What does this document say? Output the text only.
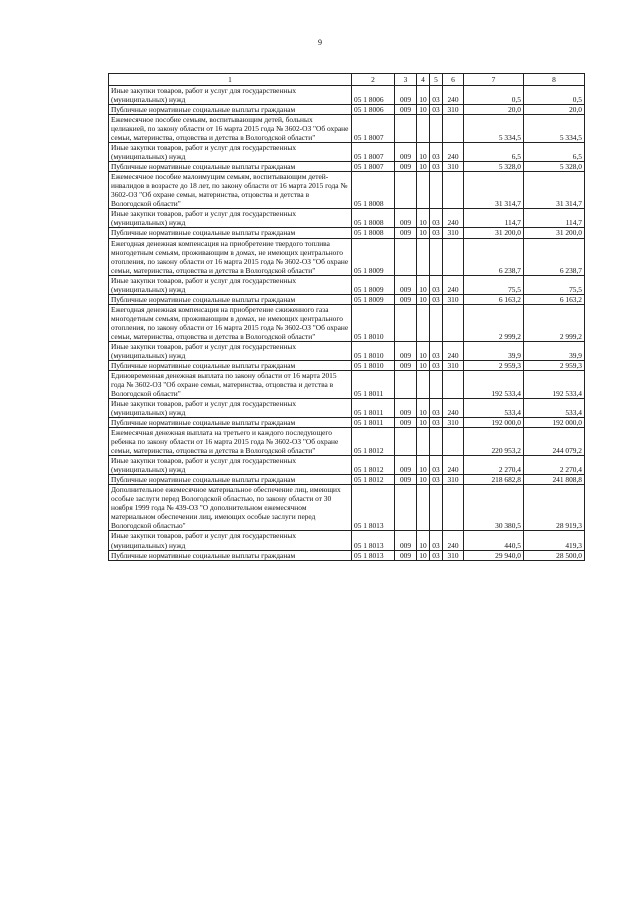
9
1	2	3	4	5	6	7	8
Иные закупки товаров, работ и услуг для государственных (муниципальных) нужд	05 1 8006	009	10	03	240	0,5	0,5
Публичные нормативные социальные выплаты гражданам	05 1 8006	009	10	03	310	20,0	20,0
Ежемесячное пособие семьям, воспитывающим детей, больных целиакией, по закону области от 16 марта 2015 года № 3602-ОЗ "Об охране семьи, материнства, отцовства и детства в Вологодской области"	05 1 8007					5 334,5	5 334,5
Иные закупки товаров, работ и услуг для государственных (муниципальных) нужд	05 1 8007	009	10	03	240	6,5	6,5
Публичные нормативные социальные выплаты гражданам	05 1 8007	009	10	03	310	5 328,0	5 328,0
Ежемесячное пособие малоимущим семьям, воспитывающим детей-инвалидов в возрасте до 18 лет, по закону области от 16 марта 2015 года № 3602-ОЗ "Об охране семьи, материнства, отцовства и детства в Вологодской области"	05 1 8008					31 314,7	31 314,7
Иные закупки товаров, работ и услуг для государственных (муниципальных) нужд	05 1 8008	009	10	03	240	114,7	114,7
Публичные нормативные социальные выплаты гражданам	05 1 8008	009	10	03	310	31 200,0	31 200,0
Ежегодная денежная компенсация на приобретение твердого топлива многодетным семьям, проживающим в домах, не имеющих центрального отопления, по закону области от 16 марта 2015 года № 3602-ОЗ "Об охране семьи, материнства, отцовства и детства в Вологодской области"	05 1 8009					6 238,7	6 238,7
Иные закупки товаров, работ и услуг для государственных (муниципальных) нужд	05 1 8009	009	10	03	240	75,5	75,5
Публичные нормативные социальные выплаты гражданам	05 1 8009	009	10	03	310	6 163,2	6 163,2
Ежегодная денежная компенсация на приобретение сжиженного газа многодетным семьям, проживающим в домах, не имеющих центрального отопления, по закону области от 16 марта 2015 года № 3602-ОЗ "Об охране семьи, материнства, отцовства и детства в Вологодской области"	05 1 8010					2 999,2	2 999,2
Иные закупки товаров, работ и услуг для государственных (муниципальных) нужд	05 1 8010	009	10	03	240	39,9	39,9
Публичные нормативные социальные выплаты гражданам	05 1 8010	009	10	03	310	2 959,3	2 959,3
Единовременная денежная выплата по закону области от 16 марта 2015 года № 3602-ОЗ "Об охране семьи, материнства, отцовства и детства в Вологодской области"	05 1 8011					192 533,4	192 533,4
Иные закупки товаров, работ и услуг для государственных (муниципальных) нужд	05 1 8011	009	10	03	240	533,4	533,4
Публичные нормативные социальные выплаты гражданам	05 1 8011	009	10	03	310	192 000,0	192 000,0
Ежемесячная денежная выплата на третьего и каждого последующего ребенка по закону области от 16 марта 2015 года № 3602-ОЗ "Об охране семьи, материнства, отцовства и детства в Вологодской области"	05 1 8012					220 953,2	244 079,2
Иные закупки товаров, работ и услуг для государственных (муниципальных) нужд	05 1 8012	009	10	03	240	2 270,4	2 270,4
Публичные нормативные социальные выплаты гражданам	05 1 8012	009	10	03	310	218 682,8	241 808,8
Дополнительное ежемесячное материальное обеспечение лиц, имеющих особые заслуги перед Вологодской областью, по закону области от 30 ноября 1999 года № 439-ОЗ "О дополнительном ежемесячном материальном обеспечении лиц, имеющих особые заслуги перед Вологодской областью"	05 1 8013					30 380,5	28 919,3
Иные закупки товаров, работ и услуг для государственных (муниципальных) нужд	05 1 8013	009	10	03	240	440,5	419,3
Публичные нормативные социальные выплаты гражданам	05 1 8013	009	10	03	310	29 940,0	28 500,0
